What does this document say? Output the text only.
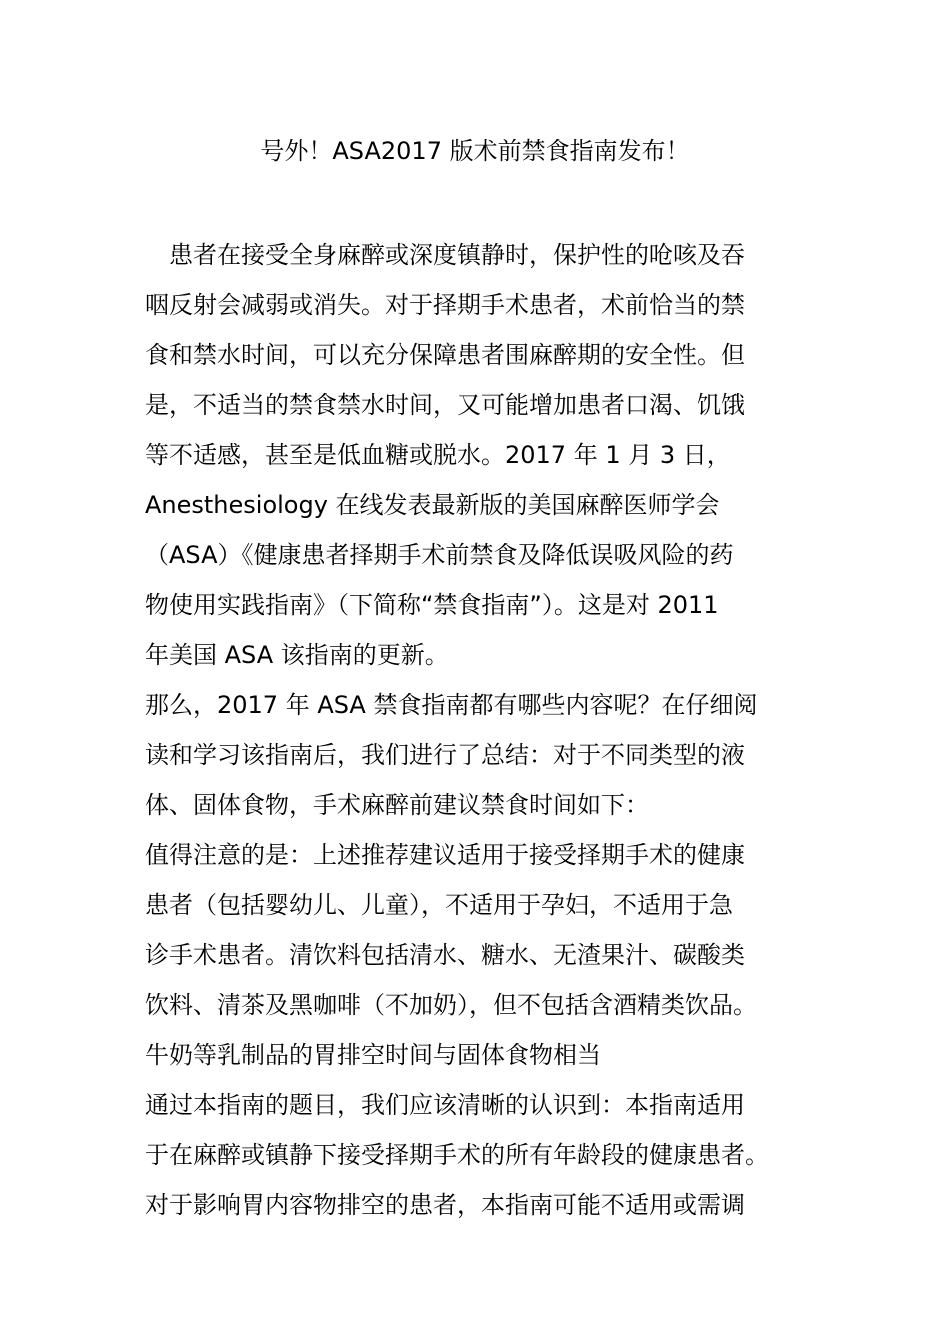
号外！ASA2017 版术前禁食指南发布！
　患者在接受全身麻醉或深度镇静时，保护性的呛咳及吞
咽反射会减弱或消失。对于择期手术患者，术前恰当的禁
食和禁水时间，可以充分保障患者围麻醉期的安全性。但
是，不适当的禁食禁水时间，又可能增加患者口渴、饥饿
等不适感，甚至是低血糖或脱水。2017 年 1 月 3 日，
Anesthesiology 在线发表最新版的美国麻醉医师学会
（ASA）《健康患者择期手术前禁食及降低误吸风险的药
物使用实践指南》（下简称“禁食指南”）。这是对 2011
年美国 ASA 该指南的更新。
那么，2017 年 ASA 禁食指南都有哪些内容呢？在仔细阅
读和学习该指南后，我们进行了总结：对于不同类型的液
体、固体食物，手术麻醉前建议禁食时间如下：
值得注意的是：上述推荐建议适用于接受择期手术的健康
患者（包括婴幼儿、儿童），不适用于孕妇，不适用于急
诊手术患者。清饮料包括清水、糖水、无渣果汁、碳酸类
饮料、清茶及黑咖啡（不加奶），但不包括含酒精类饮品。
牛奶等乳制品的胃排空时间与固体食物相当
通过本指南的题目，我们应该清晰的认识到：本指南适用
于在麻醉或镇静下接受择期手术的所有年龄段的健康患者。
对于影响胃内容物排空的患者，本指南可能不适用或需调
